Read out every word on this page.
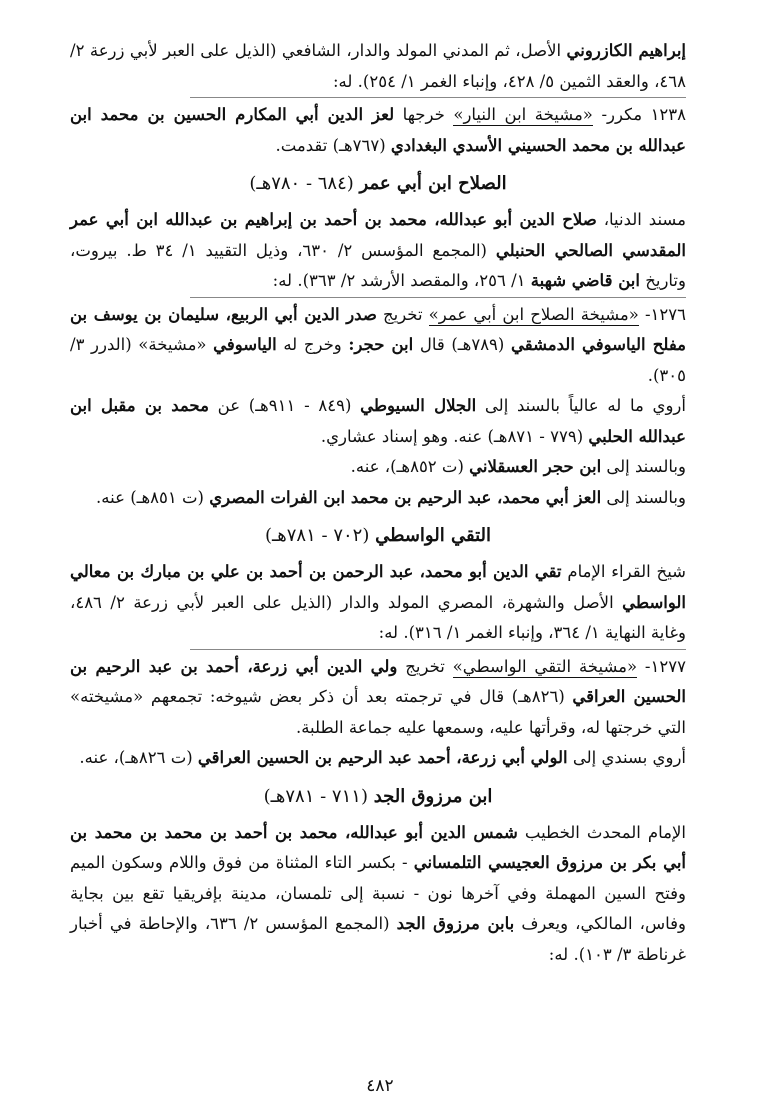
إبراهيم الكازروني الأصل، ثم المدني المولد والدار، الشافعي (الذيل على العبر لأبي زرعة ٢/ ٤٦٨، والعقد الثمين ٥/ ٤٢٨، وإنباء الغمر ١/ ٢٥٤). له:

١٢٣٨ مكرر- «مشيخة ابن النيار» خرجها لعز الدين أبي المكارم الحسين بن محمد ابن عبدالله بن محمد الحسيني الأسدي البغدادي (٧٦٧هـ) تقدمت.

الصلاح ابن أبي عمر (٦٨٤ - ٧٨٠هـ)

مسند الدنيا، صلاح الدين أبو عبدالله، محمد بن أحمد بن إبراهيم بن عبدالله ابن أبي عمر المقدسي الصالحي الحنبلي (المجمع المؤسس ٢/ ٦٣٠، وذيل التقييد ١/ ٣٤ ط. بيروت، وتاريخ ابن قاضي شهبة ١/ ٢٥٦، والمقصد الأرشد ٢/ ٣٦٣). له:

١٢٧٦- «مشيخة الصلاح ابن أبي عمر» تخريج صدر الدين أبي الربيع، سليمان بن يوسف بن مفلح الياسوفي الدمشقي (٧٨٩هـ) قال ابن حجر: وخرج له الياسوفي «مشيخة» (الدرر ٣/ ٣٠٥).

أروي ما له عالياً بالسند إلى الجلال السيوطي (٨٤٩ - ٩١١هـ) عن محمد بن مقبل ابن عبدالله الحلبي (٧٧٩ - ٨٧١هـ) عنه. وهو إسناد عشاري.

وبالسند إلى ابن حجر العسقلاني (ت ٨٥٢هـ)، عنه.

وبالسند إلى العز أبي محمد، عبد الرحيم بن محمد ابن الفرات المصري (ت ٨٥١هـ) عنه.

التقي الواسطي (٧٠٢ - ٧٨١هـ)

شيخ القراء الإمام تقي الدين أبو محمد، عبد الرحمن بن أحمد بن علي بن مبارك بن معالي الواسطي الأصل والشهرة، المصري المولد والدار (الذيل على العبر لأبي زرعة ٢/ ٤٨٦، وغاية النهاية ١/ ٣٦٤، وإنباء الغمر ١/ ٣١٦). له:

١٢٧٧- «مشيخة التقي الواسطي» تخريج ولي الدين أبي زرعة، أحمد بن عبد الرحيم بن الحسين العراقي (٨٢٦هـ) قال في ترجمته بعد أن ذكر بعض شيوخه: تجمعهم «مشيخته» التي خرجتها له، وقرأتها عليه، وسمعها عليه جماعة الطلبة.

أروي بسندي إلى الولي أبي زرعة، أحمد عبد الرحيم بن الحسين العراقي (ت ٨٢٦هـ)، عنه.

ابن مرزوق الجد (٧١١ - ٧٨١هـ)

الإمام المحدث الخطيب شمس الدين أبو عبدالله، محمد بن أحمد بن محمد بن محمد بن أبي بكر بن مرزوق العجيسي التلمساني - بكسر التاء المثناة من فوق واللام وسكون الميم وفتح السين المهملة وفي آخرها نون - نسبة إلى تلمسان، مدينة بإفريقيا تقع بين بجاية وفاس، المالكي، ويعرف بابن مرزوق الجد (المجمع المؤسس ٢/ ٦٣٦، والإحاطة في أخبار غرناطة ٣/ ١٠٣). له:

٤٨٢
